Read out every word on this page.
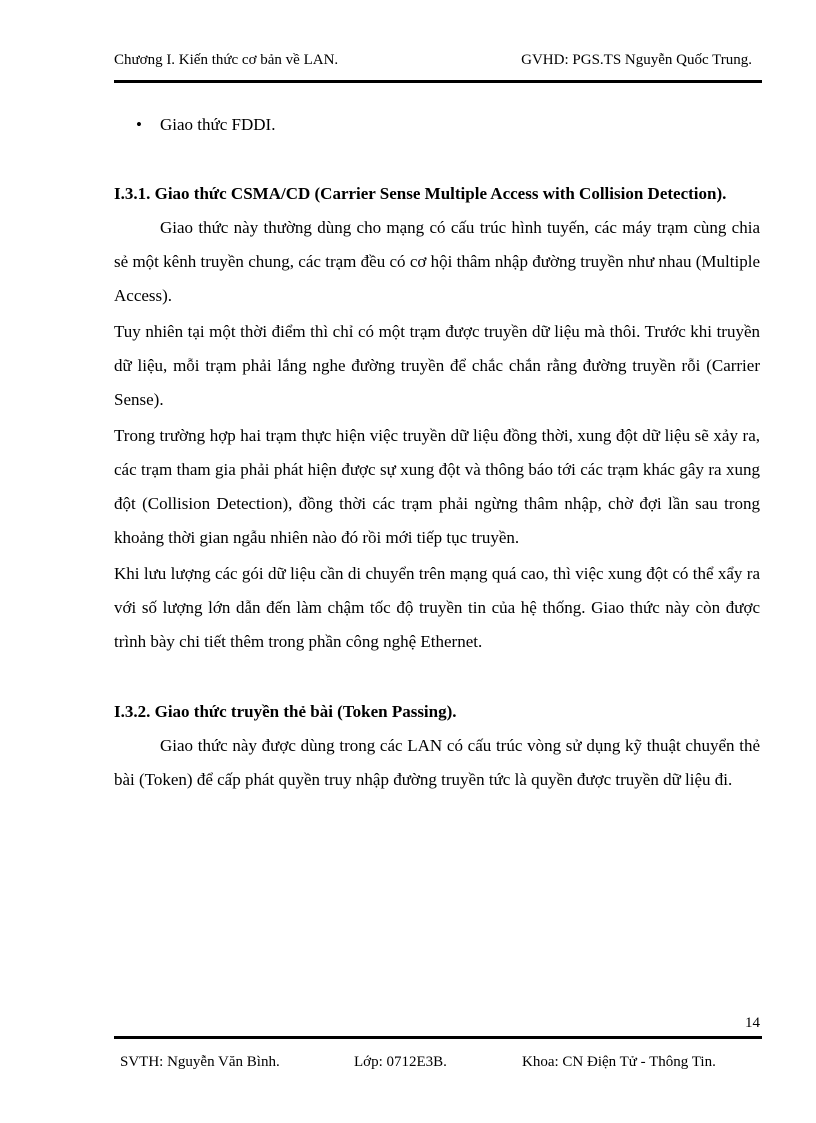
Chương I. Kiến thức cơ bản về LAN.	GVHD: PGS.TS Nguyễn Quốc Trung.
• Giao thức FDDI.

I.3.1. Giao thức CSMA/CD (Carrier Sense Multiple Access with Collision Detection).

Giao thức này thường dùng cho mạng có cấu trúc hình tuyến, các máy trạm cùng chia sẻ một kênh truyền chung, các trạm đều có cơ hội thâm nhập đường truyền như nhau (Multiple Access).

Tuy nhiên tại một thời điểm thì chỉ có một trạm được truyền dữ liệu mà thôi. Trước khi truyền dữ liệu, mỗi trạm phải lắng nghe đường truyền để chắc chắn rằng đường truyền rỗi (Carrier Sense).

Trong trường hợp hai trạm thực hiện việc truyền dữ liệu đồng thời, xung đột dữ liệu sẽ xảy ra, các trạm tham gia phải phát hiện được sự xung đột và thông báo tới các trạm khác gây ra xung đột (Collision Detection), đồng thời các trạm phải ngừng thâm nhập, chờ đợi lần sau trong khoảng thời gian ngẫu nhiên nào đó rồi mới tiếp tục truyền.

Khi lưu lượng các gói dữ liệu cần di chuyển trên mạng quá cao, thì việc xung đột có thể xẩy ra với số lượng lớn dẫn đến làm chậm tốc độ truyền tin của hệ thống. Giao thức này còn được trình bày chi tiết thêm trong phần công nghệ Ethernet.

I.3.2. Giao thức truyền thẻ bài (Token Passing).

Giao thức này được dùng trong các LAN có cấu trúc vòng sử dụng kỹ thuật chuyển thẻ bài (Token) để cấp phát quyền truy nhập đường truyền tức là quyền được truyền dữ liệu đi.

14
SVTH: Nguyễn Văn Bình.	Lớp: 0712E3B.	Khoa: CN Điện Tử - Thông Tin.
